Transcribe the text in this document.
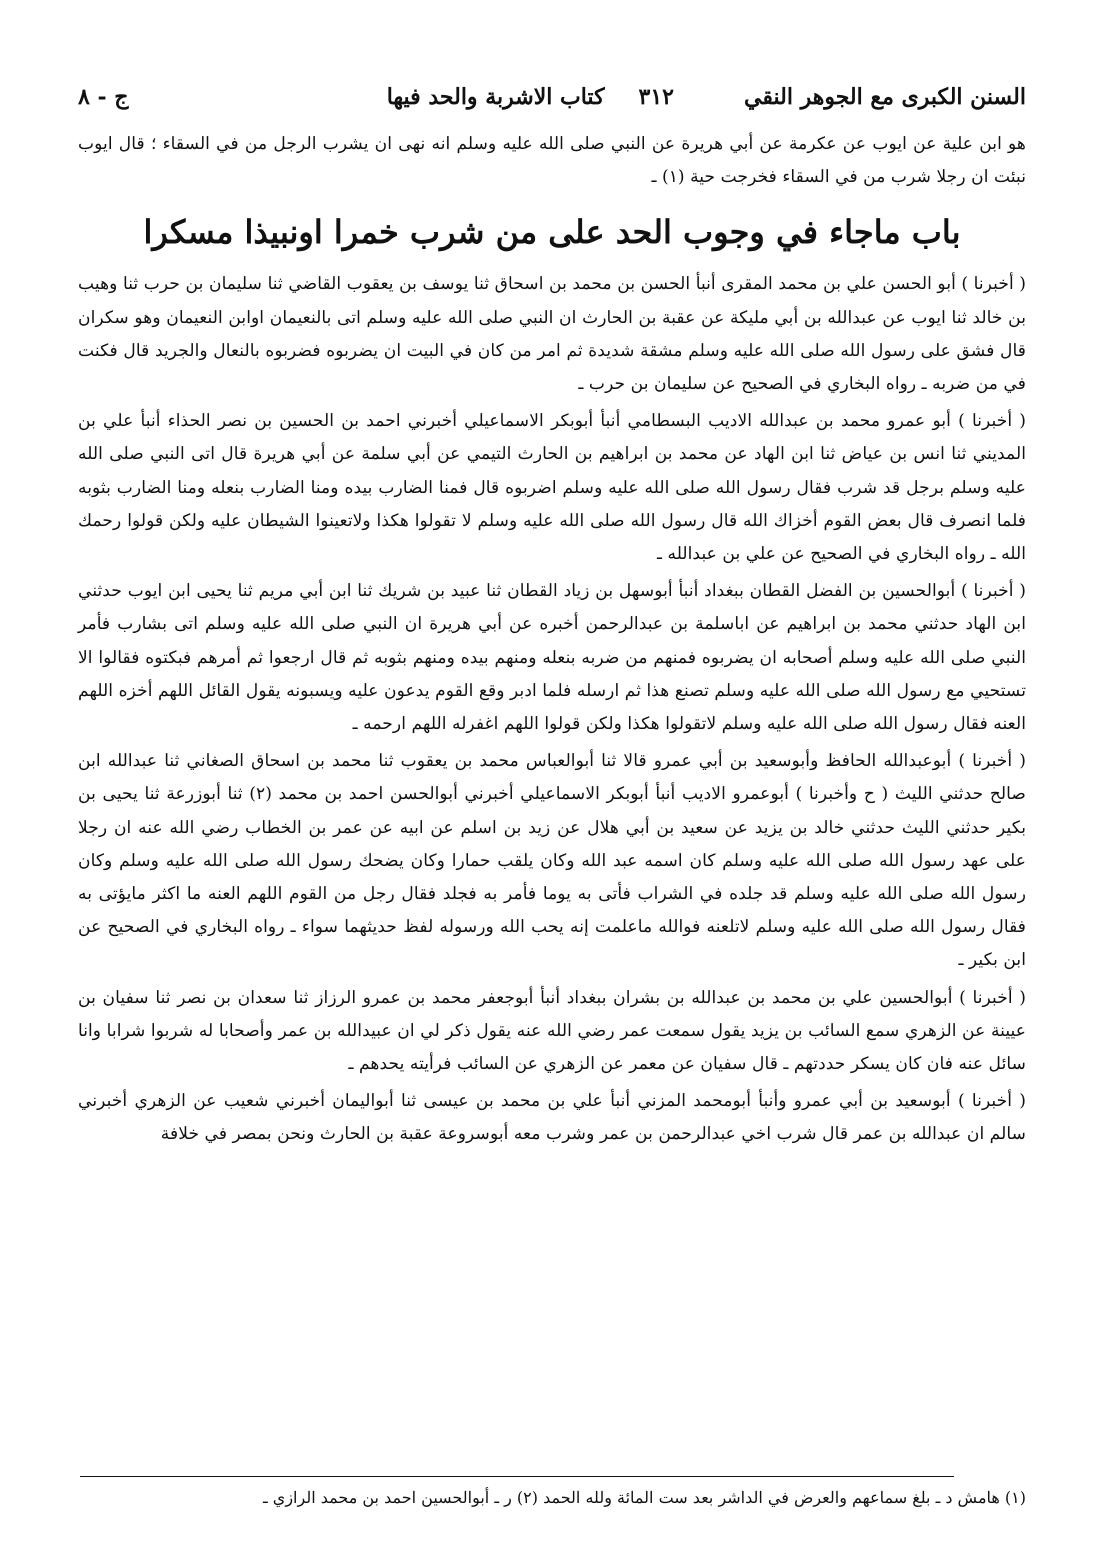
السنن الكبرى مع الجوهر النقي
٣١٢
كتاب الاشربة والحد فيها
ج - ٨

هو ابن علية عن ايوب عن عكرمة عن أبي هريرة عن النبي صلى الله عليه وسلم انه نهى ان يشرب الرجل من في السقاء ؛ قال ايوب نبئت ان رجلا شرب من في السقاء فخرجت حية (١) ـ

باب ماجاء في وجوب الحد على من شرب خمرا اونبيذا مسكرا

( أخبرنا ) أبو الحسن علي بن محمد المقرى أنبأ الحسن بن محمد بن اسحاق ثنا يوسف بن يعقوب القاضي ثنا سليمان بن حرب ثنا وهيب بن خالد ثنا ايوب عن عبدالله بن أبي مليكة عن عقبة بن الحارث ان النبي صلى الله عليه وسلم اتى بالنعيمان اوابن النعيمان وهو سكران قال فشق على رسول الله صلى الله عليه وسلم مشقة شديدة ثم امر من كان في البيت ان يضربوه فضربوه بالنعال والجريد قال فكنت في من ضربه ـ رواه البخاري في الصحيح عن سليمان بن حرب ـ

( أخبرنا ) أبو عمرو محمد بن عبدالله الاديب البسطامي أنبأ أبوبكر الاسماعيلي أخبرني احمد بن الحسين بن نصر الحذاء أنبأ علي بن المديني ثنا انس بن عياض ثنا ابن الهاد عن محمد بن ابراهيم بن الحارث التيمي عن أبي سلمة عن أبي هريرة قال اتى النبي صلى الله عليه وسلم برجل قد شرب فقال رسول الله صلى الله عليه وسلم اضربوه قال فمنا الضارب بيده ومنا الضارب بنعله ومنا الضارب بثوبه فلما انصرف قال بعض القوم أخزاك الله قال رسول الله صلى الله عليه وسلم لا تقولوا هكذا ولاتعينوا الشيطان عليه ولكن قولوا رحمك الله ـ رواه البخاري في الصحيح عن علي بن عبدالله ـ

( أخبرنا ) أبوالحسين بن الفضل القطان ببغداد أنبأ أبوسهل بن زياد القطان ثنا عبيد بن شريك ثنا ابن أبي مريم ثنا يحيى ابن ايوب حدثني ابن الهاد حدثني محمد بن ابراهيم عن اباسلمة بن عبدالرحمن أخبره عن أبي هريرة ان النبي صلى الله عليه وسلم اتى بشارب فأمر النبي صلى الله عليه وسلم أصحابه ان يضربوه فمنهم من ضربه بنعله ومنهم بيده ومنهم بثوبه ثم قال ارجعوا ثم أمرهم فبكتوه فقالوا الا تستحيي مع رسول الله صلى الله عليه وسلم تصنع هذا ثم ارسله فلما ادبر وقع القوم يدعون عليه ويسبونه يقول القائل اللهم أخزه اللهم العنه فقال رسول الله صلى الله عليه وسلم لاتقولوا هكذا ولكن قولوا اللهم اغفرله اللهم ارحمه ـ

( أخبرنا ) أبوعبدالله الحافظ وأبوسعيد بن أبي عمرو قالا ثنا أبوالعباس محمد بن يعقوب ثنا محمد بن اسحاق الصغاني ثنا عبدالله ابن صالح حدثني الليث ( ح وأخبرنا ) أبوعمرو الاديب أنبأ أبوبكر الاسماعيلي أخبرني أبوالحسن احمد بن محمد (٢) ثنا أبوزرعة ثنا يحيى بن بكير حدثني الليث حدثني خالد بن يزيد عن سعيد بن أبي هلال عن زيد بن اسلم عن ابيه عن عمر بن الخطاب رضي الله عنه ان رجلا على عهد رسول الله صلى الله عليه وسلم كان اسمه عبد الله وكان يلقب حمارا وكان يضحك رسول الله صلى الله عليه وسلم وكان رسول الله صلى الله عليه وسلم قد جلده في الشراب فأتى به يوما فأمر به فجلد فقال رجل من القوم اللهم العنه ما اكثر مايؤتى به فقال رسول الله صلى الله عليه وسلم لاتلعنه فوالله ماعلمت إنه يحب الله ورسوله لفظ حديثهما سواء ـ رواه البخاري في الصحيح عن ابن بكير ـ

( أخبرنا ) أبوالحسين علي بن محمد بن عبدالله بن بشران ببغداد أنبأ أبوجعفر محمد بن عمرو الرزاز ثنا سعدان بن نصر ثنا سفيان بن عيينة عن الزهري سمع السائب بن يزيد يقول سمعت عمر رضي الله عنه يقول ذكر لي ان عبيدالله بن عمر وأصحابا له شربوا شرابا وانا سائل عنه فان كان يسكر حددتهم ـ قال سفيان عن معمر عن الزهري عن السائب فرأيته يحدهم ـ

( أخبرنا ) أبوسعيد بن أبي عمرو وأنبأ أبومحمد المزني أنبأ علي بن محمد بن عيسى ثنا أبواليمان أخبرني شعيب عن الزهري أخبرني سالم ان عبدالله بن عمر قال شرب اخي عبدالرحمن بن عمر وشرب معه أبوسروعة عقبة بن الحارث ونحن بمصر في خلافة

(١) هامش د ـ بلغ سماعهم والعرض في الداشر بعد ست المائة ولله الحمد (٢) ر ـ أبوالحسين احمد بن محمد الرازي ـ
